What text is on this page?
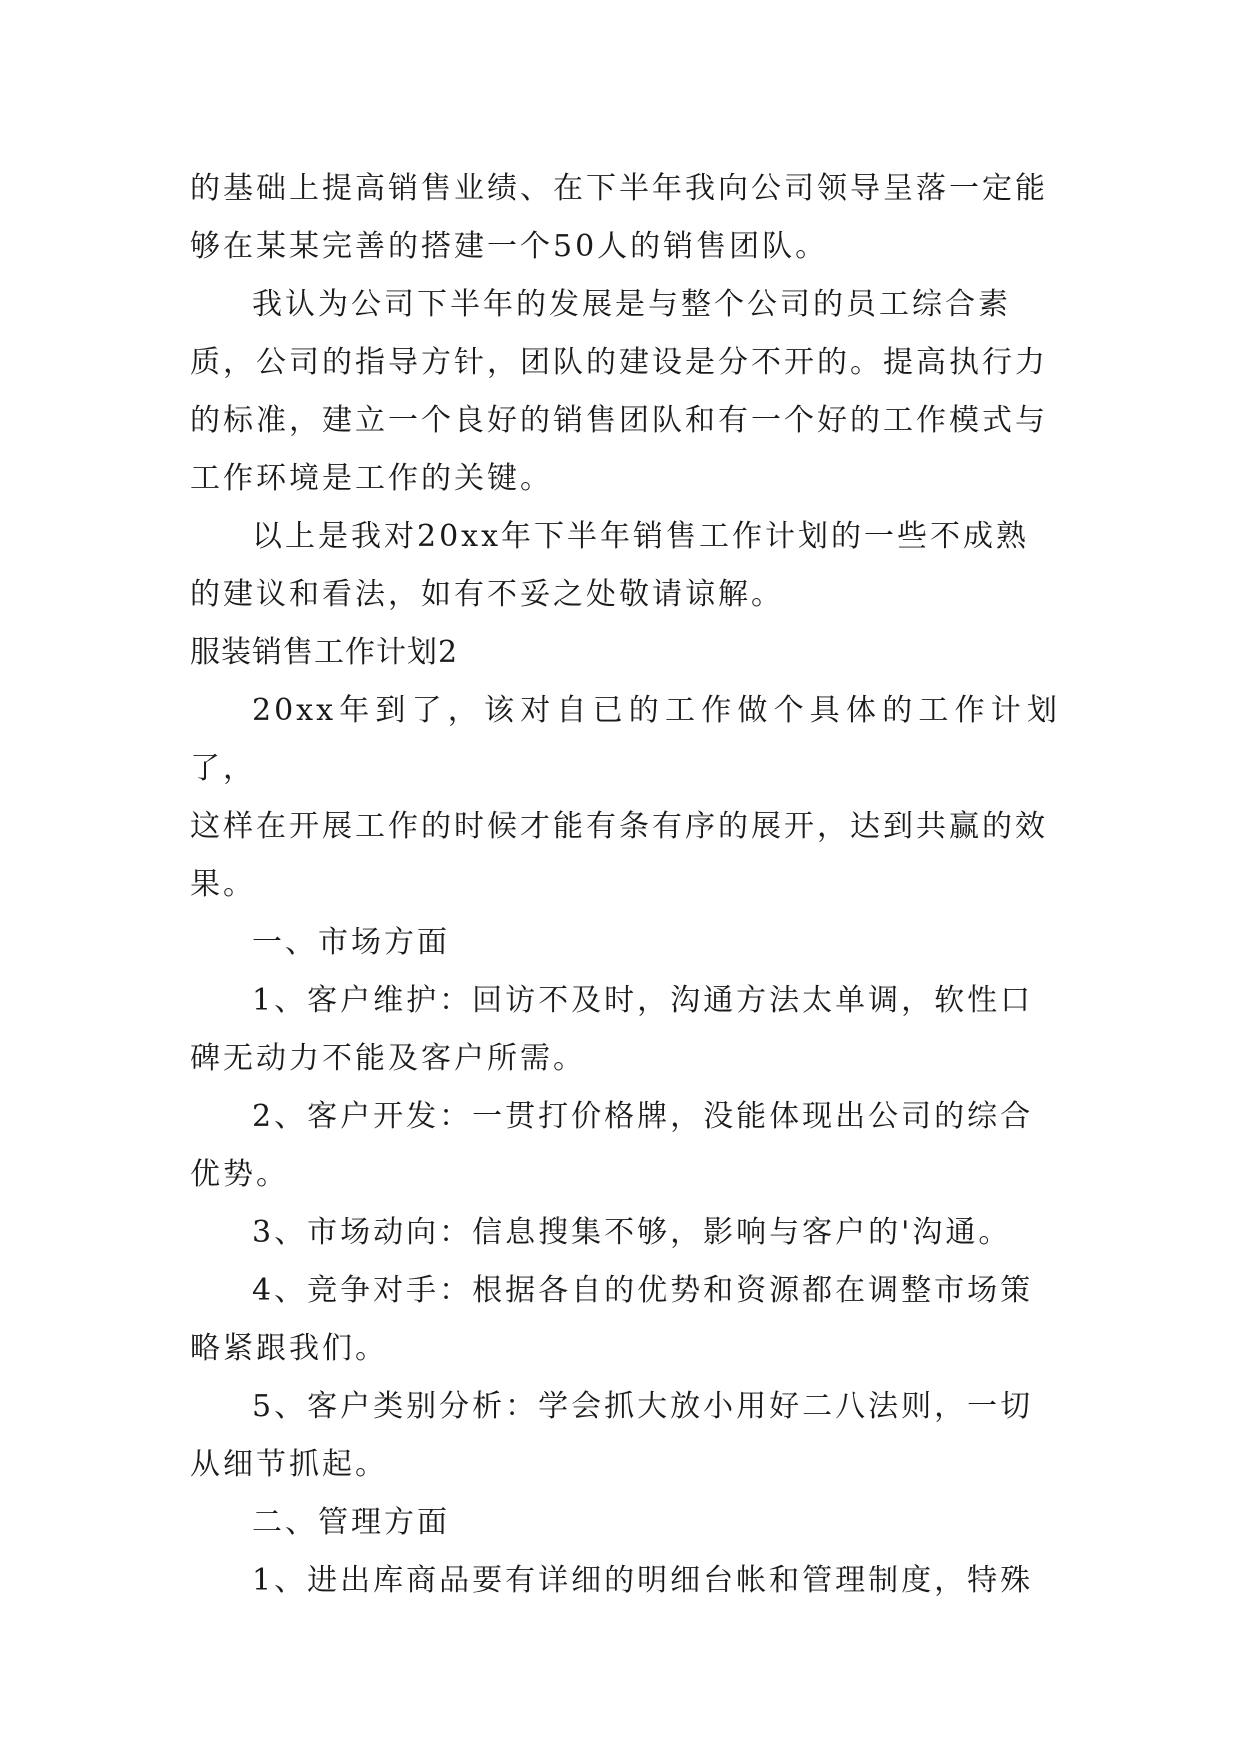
的基础上提高销售业绩、在下半年我向公司领导呈落一定能
够在某某完善的搭建一个50人的销售团队。
我认为公司下半年的发展是与整个公司的员工综合素
质，公司的指导方针，团队的建设是分不开的。提高执行力
的标准，建立一个良好的销售团队和有一个好的工作模式与
工作环境是工作的关键。
以上是我对20xx年下半年销售工作计划的一些不成熟
的建议和看法，如有不妥之处敬请谅解。
服装销售工作计划2
20xx年到了，该对自已的工作做个具体的工作计划了，
这样在开展工作的时候才能有条有序的展开，达到共赢的效
果。
一、市场方面
1、客户维护：回访不及时，沟通方法太单调，软性口
碑无动力不能及客户所需。
2、客户开发：一贯打价格牌，没能体现出公司的综合
优势。
3、市场动向：信息搜集不够，影响与客户的'沟通。
4、竞争对手：根据各自的优势和资源都在调整市场策
略紧跟我们。
5、客户类别分析：学会抓大放小用好二八法则，一切
从细节抓起。
二、管理方面
1、进出库商品要有详细的明细台帐和管理制度，特殊
